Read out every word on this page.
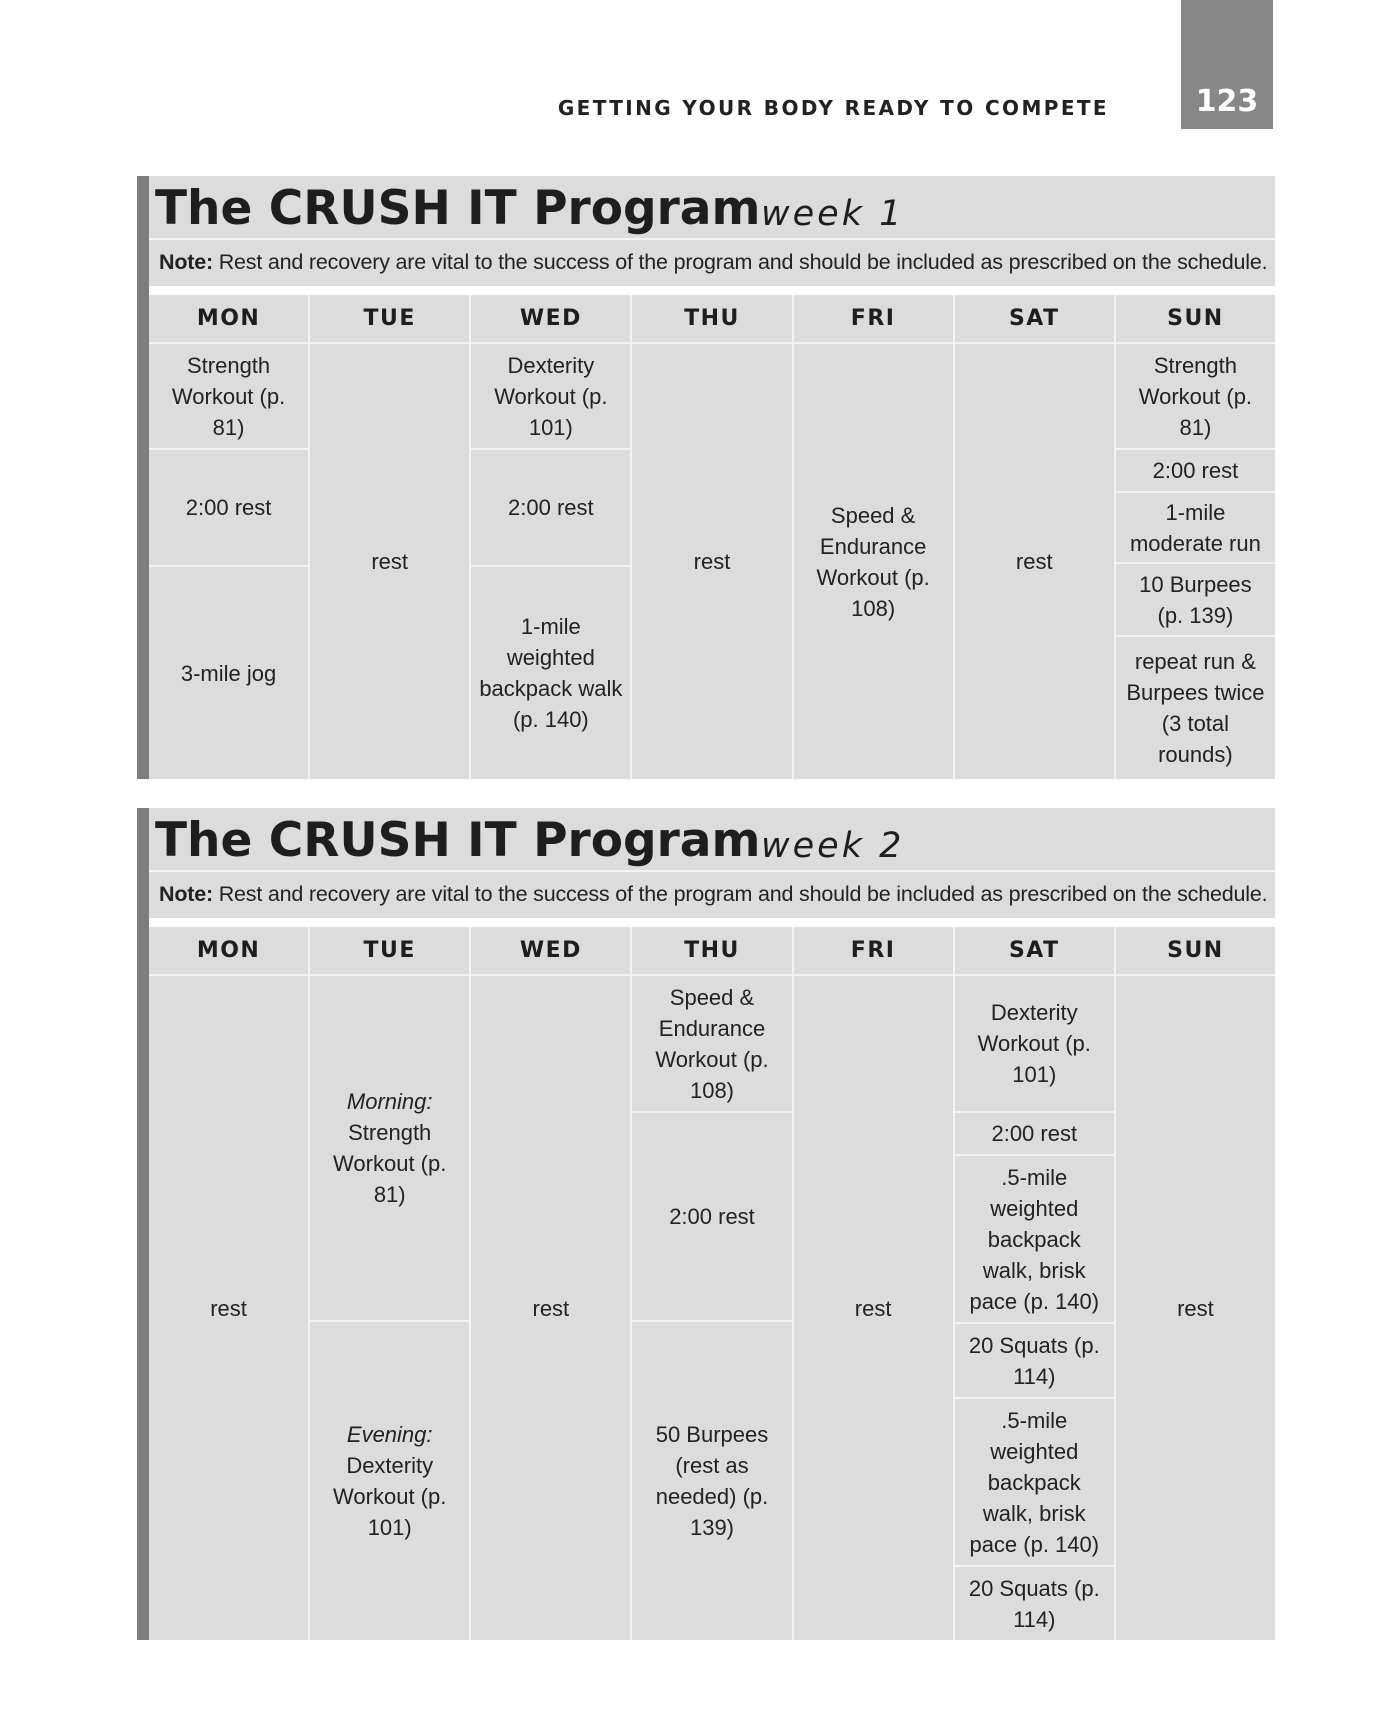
GETTING YOUR BODY READY TO COMPETE	123
The CRUSH IT Program week 1
Note: Rest and recovery are vital to the success of the program and should be included as prescribed on the schedule.
MON
Strength Workout (p. 81)
2:00 rest
3-mile jog
TUE
rest
WED
Dexterity Workout (p. 101)
2:00 rest
1-mile weighted backpack walk (p. 140)
THU
rest
FRI
Speed & Endurance Workout (p. 108)
SAT
rest
SUN
Strength Workout (p. 81)
2:00 rest
1-mile moderate run
10 Burpees (p. 139)
repeat run & Burpees twice (3 total rounds)
The CRUSH IT Program week 2
Note: Rest and recovery are vital to the success of the program and should be included as prescribed on the schedule.
MON
rest
TUE
Morning:
Strength Workout (p. 81)
Evening:
Dexterity Workout (p. 101)
WED
rest
THU
Speed & Endurance Workout (p. 108)
2:00 rest
50 Burpees (rest as needed) (p. 139)
FRI
rest
SAT
Dexterity Workout (p. 101)
2:00 rest
.5-mile weighted backpack walk, brisk pace (p. 140)
20 Squats (p. 114)
.5-mile weighted backpack walk, brisk pace (p. 140)
20 Squats (p. 114)
SUN
rest
